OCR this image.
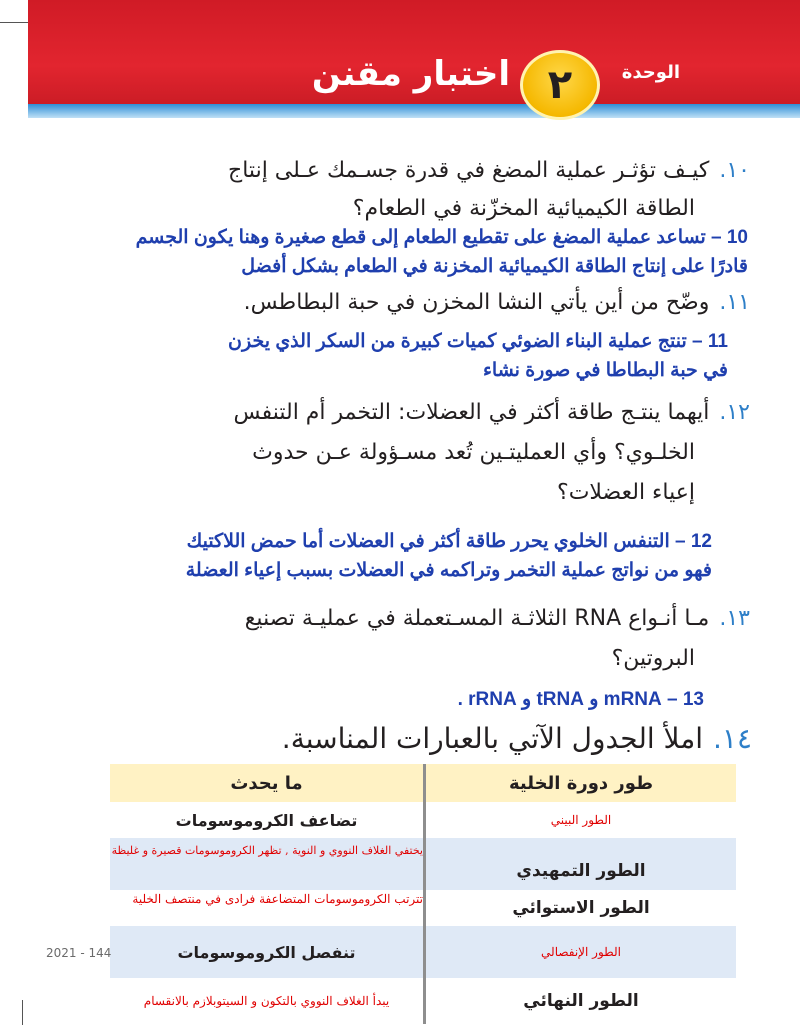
٢
اختبار مقنن	الوحدة
١٠.كيـف تؤثـر عملية المضغ في قدرة جسـمك عـلى إنتاج
الطاقة الكيميائية المخزّنة في الطعام؟
10 – تساعد عملية المضغ على تقطيع الطعام إلى قطع صغيرة وهنا يكون الجسم
قادرًا على إنتاج الطاقة الكيميائية المخزنة في الطعام بشكل أفضل
١١.وضّح من أين يأتي النشا المخزن في حبة البطاطس.
11 – تنتج عملية البناء الضوئي كميات كبيرة من السكر الذي يخزن
في حبة البطاطا في صورة نشاء
١٢.أيهما ينتـج طاقة أكثر في العضلات: التخمر أم التنفس
الخلـوي؟ وأي العمليتـين تُعد مسـؤولة عـن حدوث
إعياء العضلات؟
12 – التنفس الخلوي يحرر طاقة أكثر في العضلات أما حمض اللاكتيك
فهو من نواتج عملية التخمر وتراكمه في العضلات بسبب إعياء العضلة
١٣.مـا أنـواع RNA الثلاثـة المسـتعملة في عمليـة تصنيع
البروتين؟
13 – mRNA و tRNA و rRNA .
١٤.املأ الجدول الآتي بالعبارات المناسبة.
طور دورة الخلية
ما يحدث
الطور البيني
تضاعف الكروموسومات
الطور التمهيدي
يختفي الغلاف النووي و النوية , تظهر الكروموسومات قصيرة و غليظة
الطور الاستوائي
تترتب الكروموسومات المتضاعفة فرادى في منتصف الخلية
الطور الإنفصالي
تنفصل الكروموسومات
الطور النهائي
يبدأ الغلاف النووي بالتكون و السيتوبلازم بالانقسام
2021 - 144
